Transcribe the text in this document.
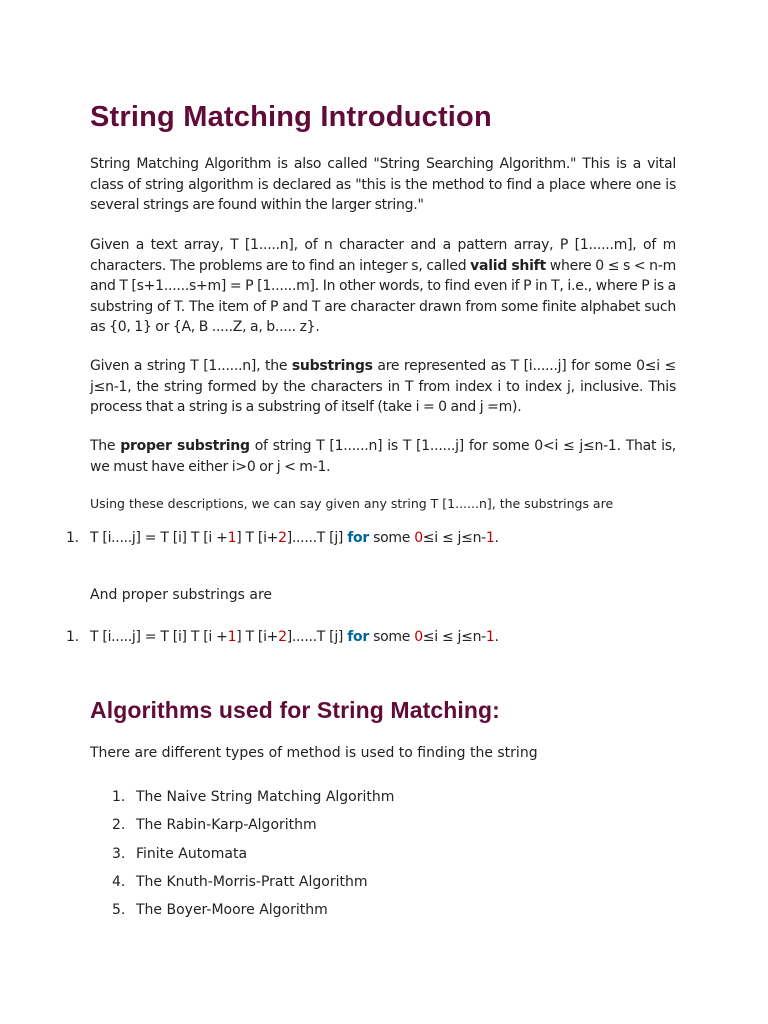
String Matching Introduction

String Matching Algorithm is also called "String Searching Algorithm." This is a vital class of string algorithm is declared as "this is the method to find a place where one is several strings are found within the larger string."

Given a text array, T [1.....n], of n character and a pattern array, P [1......m], of m characters. The problems are to find an integer s, called valid shift where 0 ≤ s < n-m and T [s+1......s+m] = P [1......m]. In other words, to find even if P in T, i.e., where P is a substring of T. The item of P and T are character drawn from some finite alphabet such as {0, 1} or {A, B .....Z, a, b..... z}.

Given a string T [1......n], the substrings are represented as T [i......j] for some 0≤i ≤ j≤n-1, the string formed by the characters in T from index i to index j, inclusive. This process that a string is a substring of itself (take i = 0 and j =m).

The proper substring of string T [1......n] is T [1......j] for some 0<i ≤ j≤n-1. That is, we must have either i>0 or j < m-1.

Using these descriptions, we can say given any string T [1......n], the substrings are

1. T [i.....j] = T [i] T [i +1] T [i+2]......T [j] for some 0≤i ≤ j≤n-1.

And proper substrings are

1. T [i.....j] = T [i] T [i +1] T [i+2]......T [j] for some 0≤i ≤ j≤n-1.
Algorithms used for String Matching:

There are different types of method is used to finding the string

1. The Naive String Matching Algorithm
2. The Rabin-Karp-Algorithm
3. Finite Automata
4. The Knuth-Morris-Pratt Algorithm
5. The Boyer-Moore Algorithm
